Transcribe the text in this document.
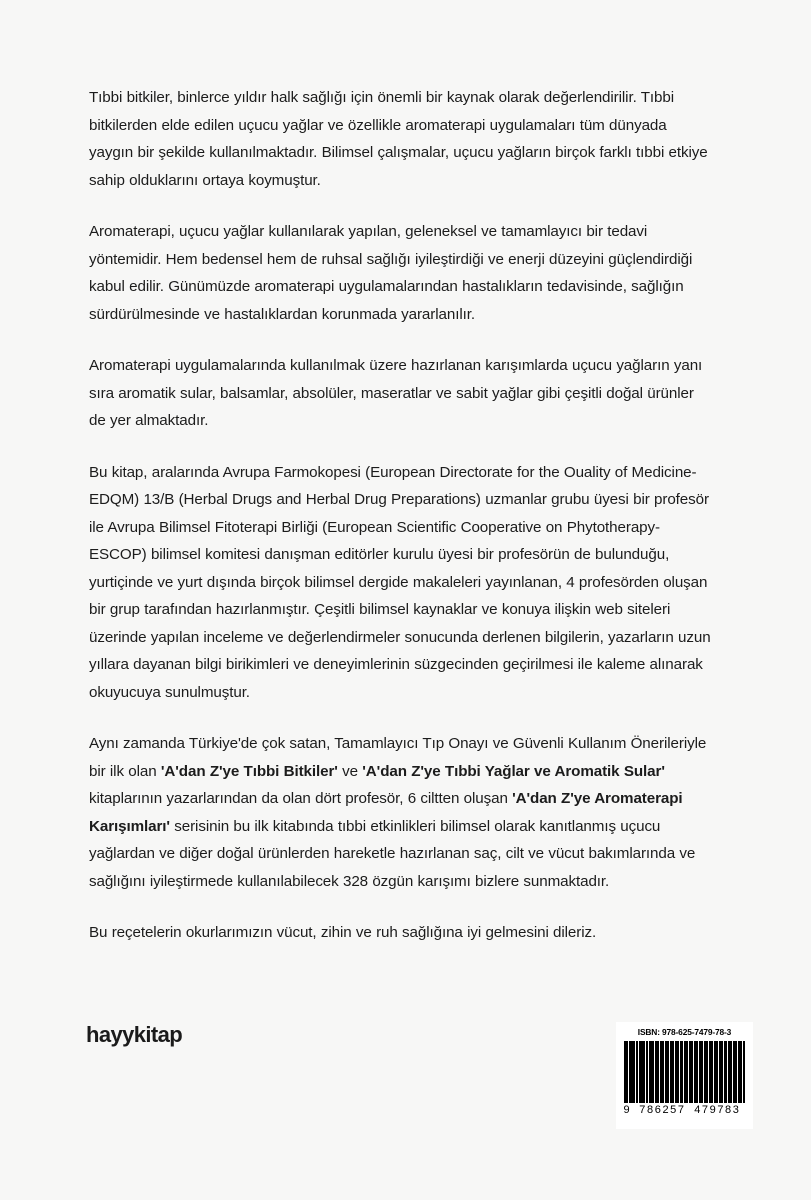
Tıbbi bitkiler, binlerce yıldır halk sağlığı için önemli bir kaynak olarak değerlendirilir. Tıbbi bitkilerden elde edilen uçucu yağlar ve özellikle aromaterapi uygulamaları tüm dünyada yaygın bir şekilde kullanılmaktadır. Bilimsel çalışmalar, uçucu yağların birçok farklı tıbbi etkiye sahip olduklarını ortaya koymuştur.

Aromaterapi, uçucu yağlar kullanılarak yapılan, geleneksel ve tamamlayıcı bir tedavi yöntemidir. Hem bedensel hem de ruhsal sağlığı iyileştirdiği ve enerji düzeyini güçlendirdiği kabul edilir. Günümüzde aromaterapi uygulamalarından hastalıkların tedavisinde, sağlığın sürdürülmesinde ve hastalıklardan korunmada yararlanılır.

Aromaterapi uygulamalarında kullanılmak üzere hazırlanan karışımlarda uçucu yağların yanı sıra aromatik sular, balsamlar, absolüler, maseratlar ve sabit yağlar gibi çeşitli doğal ürünler de yer almaktadır.

Bu kitap, aralarında Avrupa Farmokopesi (European Directorate for the Ouality of Medicine-EDQM) 13/B (Herbal Drugs and Herbal Drug Preparations) uzmanlar grubu üyesi bir profesör ile Avrupa Bilimsel Fitoterapi Birliği (European Scientific Cooperative on Phytotherapy-ESCOP) bilimsel komitesi danışman editörler kurulu üyesi bir profesörün de bulunduğu, yurtiçinde ve yurt dışında birçok bilimsel dergide makaleleri yayınlanan, 4 profesörden oluşan bir grup tarafından hazırlanmıştır. Çeşitli bilimsel kaynaklar ve konuya ilişkin web siteleri üzerinde yapılan inceleme ve değerlendirmeler sonucunda derlenen bilgilerin, yazarların uzun yıllara dayanan bilgi birikimleri ve deneyimlerinin süzgecinden geçirilmesi ile kaleme alınarak okuyucuya sunulmuştur.

Aynı zamanda Türkiye'de çok satan, Tamamlayıcı Tıp Onayı ve Güvenli Kullanım Önerileriyle bir ilk olan 'A'dan Z'ye Tıbbi Bitkiler' ve 'A'dan Z'ye Tıbbi Yağlar ve Aromatik Sular' kitaplarının yazarlarından da olan dört profesör, 6 ciltten oluşan 'A'dan Z'ye Aromaterapi Karışımları' serisinin bu ilk kitabında tıbbi etkinlikleri bilimsel olarak kanıtlanmış uçucu yağlardan ve diğer doğal ürünlerden hareketle hazırlanan saç, cilt ve vücut bakımlarında ve sağlığını iyileştirmede kullanılabilecek 328 özgün karışımı bizlere sunmaktadır.

Bu reçetelerin okurlarımızın vücut, zihin ve ruh sağlığına iyi gelmesini dileriz.

hayykitap	ISBN: 978-625-7479-78-3
9 786257 479783
